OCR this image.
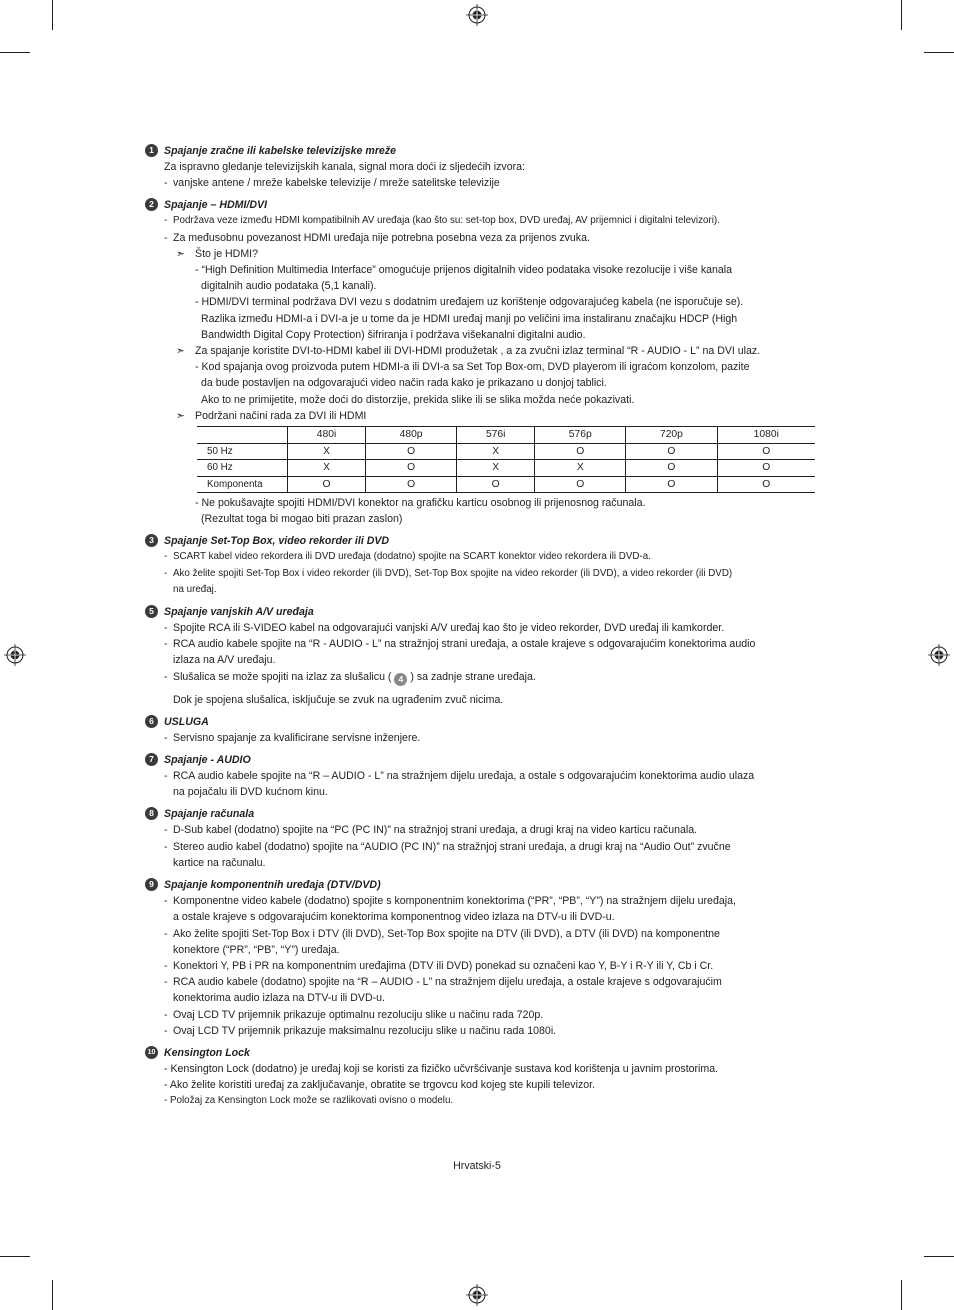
1 Spajanje zračne ili kabelske televizijske mreže
Za ispravno gledanje televizijskih kanala, signal mora doći iz sljedećih izvora:
- vanjske antene / mreže kabelske televizije / mreže satelitske televizije
2 Spajanje – HDMI/DVI
- Podržava veze između HDMI kompatibilnih AV uređaja (kao što su: set-top box, DVD uređaj, AV prijemnici i digitalni televizori).
- Za međusobnu povezanost HDMI uređaja nije potrebna posebna veza za prijenos zvuka.
➣ Što je HDMI?
- “High Definition Multimedia Interface” omogućuje prijenos digitalnih video podataka visoke rezolucije i više kanala
digitalnih audio podataka (5,1 kanali).
- HDMI/DVI terminal podržava DVI vezu s dodatnim uređajem uz korištenje odgovarajućeg kabela (ne isporučuje se).
Razlika između HDMI-a i DVI-a je u tome da je HDMI uređaj manji po veličini ima instaliranu značajku HDCP (High
Bandwidth Digital Copy Protection) šifriranja i podržava višekanalni digitalni audio.
➣ Za spajanje koristite DVI-to-HDMI kabel ili DVI-HDMI produžetak , a za zvučni izlaz terminal “R - AUDIO - L” na DVI ulaz.
- Kod spajanja ovog proizvoda putem HDMI-a ili DVI-a sa Set Top Box-om, DVD playerom ili igraćom konzolom, pazite
da bude postavljen na odgovarajući video način rada kako je prikazano u donjoj tablici.
Ako to ne primijetite, može doći do distorzije, prekida slike ili se slika možda neće pokazivati.
➣ Podržani načini rada za DVI ili HDMI
	480i	480p	576i	576p	720p	1080i
50 Hz	X	O	X	O	O	O
60 Hz	X	O	X	X	O	O
Komponenta	O	O	O	O	O	O
- Ne pokušavajte spojiti HDMI/DVI konektor na grafičku karticu osobnog ili prijenosnog računala.
(Rezultat toga bi mogao biti prazan zaslon)
3 Spajanje Set-Top Box, video rekorder ili DVD
- SCART kabel video rekordera ili DVD uređaja (dodatno) spojite na SCART konektor video rekordera ili DVD-a.
- Ako želite spojiti Set-Top Box i video rekorder (ili DVD), Set-Top Box spojite na video rekorder (ili DVD), a video rekorder (ili DVD)
na uređaj.
5 Spajanje vanjskih A/V uređaja
- Spojite RCA ili S-VIDEO kabel na odgovarajući vanjski A/V uređaj kao što je video rekorder, DVD uređaj ili kamkorder.
- RCA audio kabele spojite na “R - AUDIO - L” na stražnjoj strani uređaja, a ostale krajeve s odgovarajućim konektorima audio
izlaza na A/V uređaju.
- Slušalica se može spojiti na izlaz za slušalicu ( 4 ) sa zadnje strane uređaja.
Dok je spojena slušalica, isključuje se zvuk na ugrađenim zvuč nicima.
6 USLUGA
- Servisno spajanje za kvalificirane servisne inženjere.
7 Spajanje - AUDIO
- RCA audio kabele spojite na “R – AUDIO - L” na stražnjem dijelu uređaja, a ostale s odgovarajućim konektorima audio ulaza
na pojačalu ili DVD kućnom kinu.
8 Spajanje računala
- D-Sub kabel (dodatno) spojite na “PC (PC IN)” na stražnjoj strani uređaja, a drugi kraj na video karticu računala.
- Stereo audio kabel (dodatno) spojite na “AUDIO (PC IN)” na stražnjoj strani uređaja, a drugi kraj na “Audio Out” zvučne
kartice na računalu.
9 Spajanje komponentnih uređaja (DTV/DVD)
- Komponentne video kabele (dodatno) spojite s komponentnim konektorima (“PR”, “PB”, “Y”) na stražnjem dijelu uređaja,
a ostale krajeve s odgovarajućim konektorima komponentnog video izlaza na DTV-u ili DVD-u.
- Ako želite spojiti Set-Top Box i DTV (ili DVD), Set-Top Box spojite na DTV (ili DVD), a DTV (ili DVD) na komponentne
konektore (“PR”, “PB”, “Y”) uređaja.
- Konektori Y, PB i PR na komponentnim uređajima (DTV ili DVD) ponekad su označeni kao Y, B-Y i R-Y ili Y, Cb i Cr.
- RCA audio kabele (dodatno) spojite na “R – AUDIO - L” na stražnjem dijelu uređaja, a ostale krajeve s odgovarajućim
konektorima audio izlaza na DTV-u ili DVD-u.
- Ovaj LCD TV prijemnik prikazuje optimalnu rezoluciju slike u načinu rada 720p.
- Ovaj LCD TV prijemnik prikazuje maksimalnu rezoluciju slike u načinu rada 1080i.
10 Kensington Lock
- Kensington Lock (dodatno) je uređaj koji se koristi za fizičko učvršćivanje sustava kod korištenja u javnim prostorima.
- Ako želite koristiti uređaj za zaključavanje, obratite se trgovcu kod kojeg ste kupili televizor.
- Položaj za Kensington Lock može se razlikovati ovisno o modelu.
Hrvatski-5
